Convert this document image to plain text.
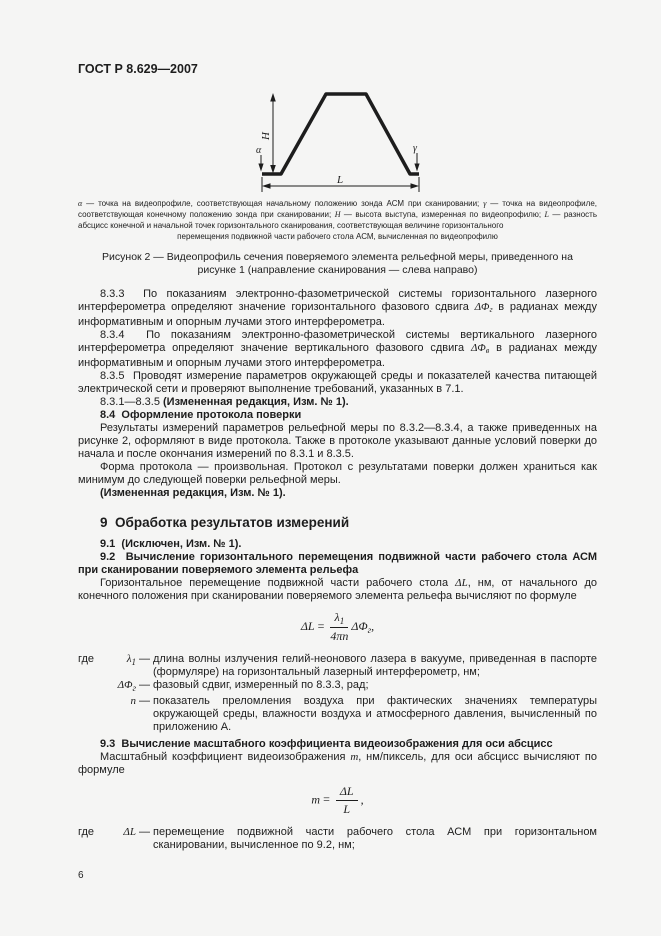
ГОСТ Р 8.629—2007
H
α	γ
L
α — точка на видеопрофиле, соответствующая начальному положению зонда АСМ при сканировании; γ — точка на видеопрофиле, соответствующая конечному положению зонда при сканировании; H — высота выступа, измеренная по видеопрофилю; L — разность абсцисс конечной и начальной точек горизонтального сканирования, соответствующая величине горизонтального
перемещения подвижной части рабочего стола АСМ, вычисленная по видеопрофилю
Рисунок 2 — Видеопрофиль сечения поверяемого элемента рельефной меры, приведенного на рисунке 1 (направление сканирования — слева направо)

8.3.3  По показаниям электронно-фазометрической системы горизонтального лазерного интерферометра определяют значение горизонтального фазового сдвига ΔΦг в радианах между информативным и опорным лучами этого интерферометра.

8.3.4  По показаниям электронно-фазометрической системы вертикального лазерного интерферометра определяют значение вертикального фазового сдвига ΔΦв в радианах между информативным и опорным лучами этого интерферометра.

8.3.5  Проводят измерение параметров окружающей среды и показателей качества питающей электрической сети и проверяют выполнение требований, указанных в 7.1.

8.3.1—8.3.5 (Измененная редакция, Изм. № 1).

8.4  Оформление протокола поверки

Результаты измерений параметров рельефной меры по 8.3.2—8.3.4, а также приведенных на рисунке 2, оформляют в виде протокола. Также в протоколе указывают данные условий поверки до начала и после окончания измерений по 8.3.1 и 8.3.5.

Форма протокола — произвольная. Протокол с результатами поверки должен храниться как минимум до следующей поверки рельефной меры.

(Измененная редакция, Изм. № 1).

9  Обработка результатов измерений

9.1  (Исключен, Изм. № 1).

9.2  Вычисление горизонтального перемещения подвижной части рабочего стола АСМ при сканировании поверяемого элемента рельефа

Горизонтальное перемещение подвижной части рабочего стола ΔL, нм, от начального до конечного положения при сканировании поверяемого элемента рельефа вычисляют по формуле

$\Delta L = \frac{\lambda_1}{4\pi n} \Delta\Phi_г$,
где	$\lambda_1$ — длина волны излучения гелий-неонового лазера в вакууме, приведенная в паспорте (формуляре) на горизонтальный лазерный интерферометр, нм;
$\Delta\Phi_г$ — фазовый сдвиг, измеренный по 8.3.3, рад;
n — показатель преломления воздуха при фактических значениях температуры окружающей среды, влажности воздуха и атмосферного давления, вычисленный по приложению А.

9.3  Вычисление масштабного коэффициента видеоизображения для оси абсцисс

Масштабный коэффициент видеоизображения m, нм/пиксель, для оси абсцисс вычисляют по формуле

$m = \frac{\Delta L}{L}$ ,
где	ΔL — перемещение подвижной части рабочего стола АСМ при горизонтальном сканировании, вычисленное по 9.2, нм;
6
